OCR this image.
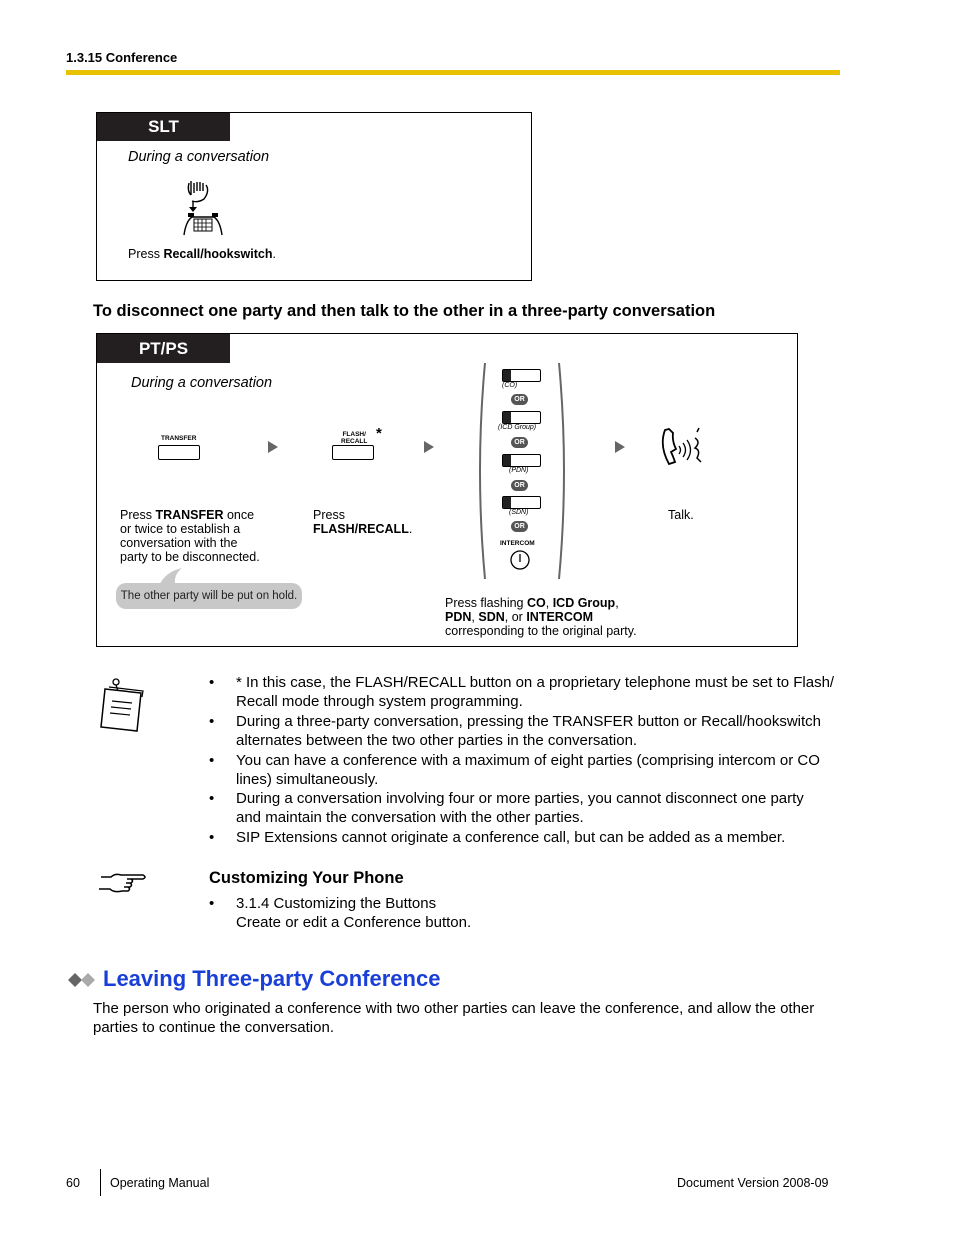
1.3.15 Conference
SLT
During a conversation
Press Recall/hookswitch.
To disconnect one party and then talk to the other in a three-party conversation
PT/PS
During a conversation
TRANSFER
FLASH/
RECALL *
(CO)
OR
(ICD Group)
OR
(PDN)
OR
(SDN)
OR
INTERCOM
Press TRANSFER once
or twice to establish a
conversation with the
party to be disconnected.
Press
FLASH/RECALL.
Talk.
The other party will be put on hold.	Press flashing CO, ICD Group,
PDN, SDN, or INTERCOM
corresponding to the original party.
• * In this case, the FLASH/RECALL button on a proprietary telephone must be set to Flash/
Recall mode through system programming.
• During a three-party conversation, pressing the TRANSFER button or Recall/hookswitch
alternates between the two other parties in the conversation.
• You can have a conference with a maximum of eight parties (comprising intercom or CO
lines) simultaneously.
• During a conversation involving four or more parties, you cannot disconnect one party
and maintain the conversation with the other parties.
• SIP Extensions cannot originate a conference call, but can be added as a member.
Customizing Your Phone
• 3.1.4 Customizing the Buttons
Create or edit a Conference button.
Leaving Three-party Conference
The person who originated a conference with two other parties can leave the conference, and allow the other
parties to continue the conversation.
60 Operating Manual	Document Version 2008-09
